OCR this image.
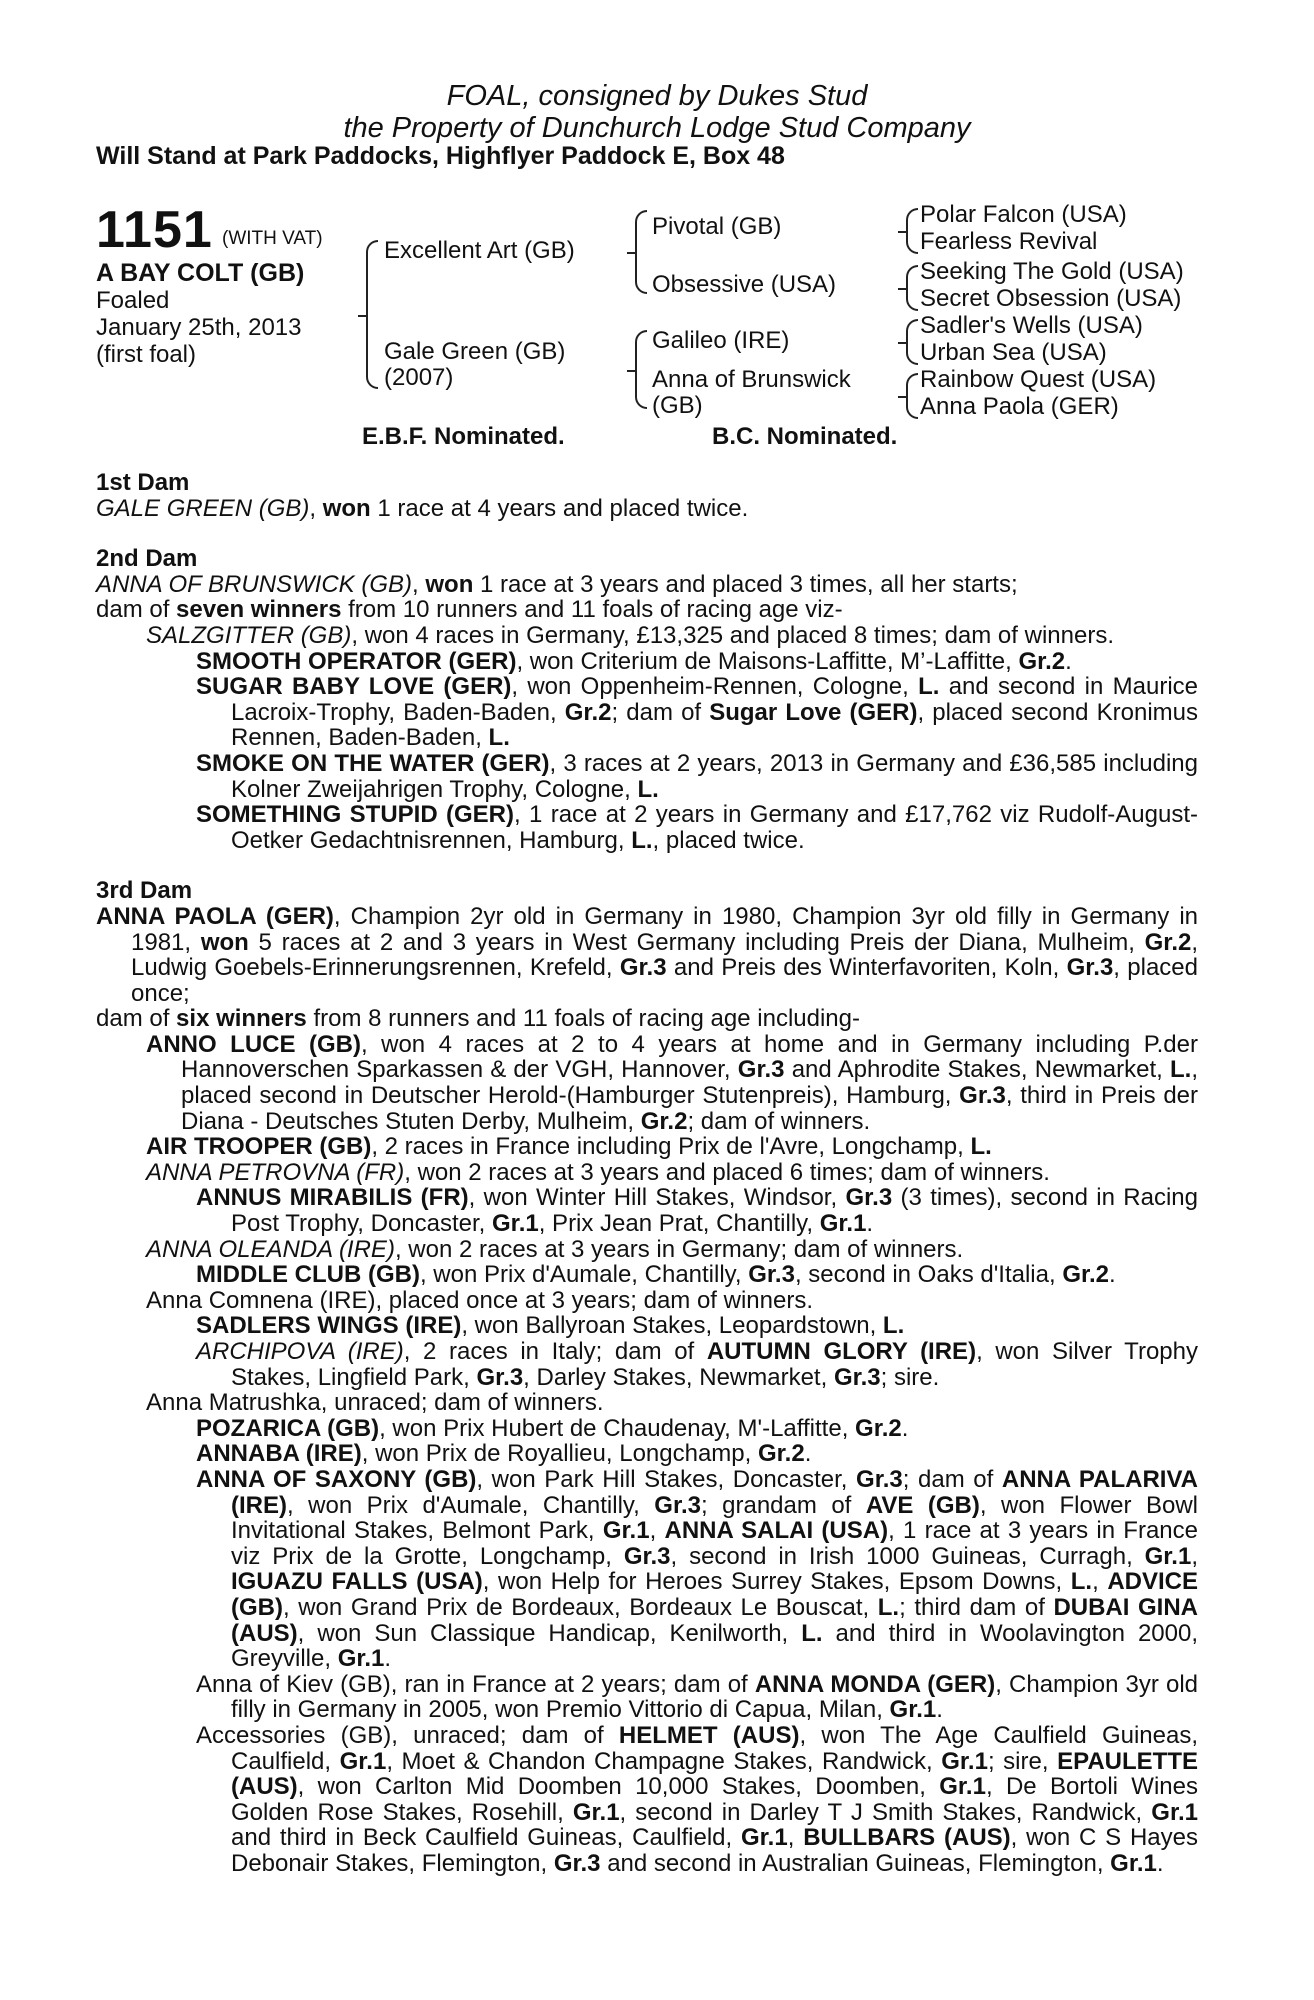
FOAL, consigned by Dukes Stud
the Property of Dunchurch Lodge Stud Company
Will Stand at Park Paddocks, Highflyer Paddock E, Box 48
1151 (WITH VAT)
A BAY COLT (GB)
Foaled
January 25th, 2013
(first foal)
Excellent Art (GB)
Gale Green (GB)
(2007)
Pivotal (GB)
Obsessive (USA)
Galileo (IRE)
Anna of Brunswick
(GB)
Polar Falcon (USA)
Fearless Revival
Seeking The Gold (USA)
Secret Obsession (USA)
Sadler's Wells (USA)
Urban Sea (USA)
Rainbow Quest (USA)
Anna Paola (GER)
E.B.F. Nominated.	B.C. Nominated.

1st Dam

GALE GREEN (GB), won 1 race at 4 years and placed twice.

2nd Dam

ANNA OF BRUNSWICK (GB), won 1 race at 3 years and placed 3 times, all her starts;

dam of seven winners from 10 runners and 11 foals of racing age viz-

SALZGITTER (GB), won 4 races in Germany, £13,325 and placed 8 times; dam of winners.

SMOOTH OPERATOR (GER), won Criterium de Maisons-Laffitte, M’-Laffitte, Gr.2.

SUGAR BABY LOVE (GER), won Oppenheim-Rennen, Cologne, L. and second in Maurice Lacroix-Trophy, Baden-Baden, Gr.2; dam of Sugar Love (GER), placed second Kronimus Rennen, Baden-Baden, L.

SMOKE ON THE WATER (GER), 3 races at 2 years, 2013 in Germany and £36,585 including Kolner Zweijahrigen Trophy, Cologne, L.

SOMETHING STUPID (GER), 1 race at 2 years in Germany and £17,762 viz Rudolf-August-Oetker Gedachtnisrennen, Hamburg, L., placed twice.

3rd Dam

ANNA PAOLA (GER), Champion 2yr old in Germany in 1980, Champion 3yr old filly in Germany in 1981, won 5 races at 2 and 3 years in West Germany including Preis der Diana, Mulheim, Gr.2, Ludwig Goebels-Erinnerungsrennen, Krefeld, Gr.3 and Preis des Winterfavoriten, Koln, Gr.3, placed once;

dam of six winners from 8 runners and 11 foals of racing age including-

ANNO LUCE (GB), won 4 races at 2 to 4 years at home and in Germany including P.der Hannoverschen Sparkassen & der VGH, Hannover, Gr.3 and Aphrodite Stakes, Newmarket, L., placed second in Deutscher Herold-(Hamburger Stutenpreis), Hamburg, Gr.3, third in Preis der Diana - Deutsches Stuten Derby, Mulheim, Gr.2; dam of winners.

AIR TROOPER (GB), 2 races in France including Prix de l'Avre, Longchamp, L.

ANNA PETROVNA (FR), won 2 races at 3 years and placed 6 times; dam of winners.

ANNUS MIRABILIS (FR), won Winter Hill Stakes, Windsor, Gr.3 (3 times), second in Racing Post Trophy, Doncaster, Gr.1, Prix Jean Prat, Chantilly, Gr.1.

ANNA OLEANDA (IRE), won 2 races at 3 years in Germany; dam of winners.

MIDDLE CLUB (GB), won Prix d'Aumale, Chantilly, Gr.3, second in Oaks d'Italia, Gr.2.

Anna Comnena (IRE), placed once at 3 years; dam of winners.

SADLERS WINGS (IRE), won Ballyroan Stakes, Leopardstown, L.

ARCHIPOVA (IRE), 2 races in Italy; dam of AUTUMN GLORY (IRE), won Silver Trophy Stakes, Lingfield Park, Gr.3, Darley Stakes, Newmarket, Gr.3; sire.

Anna Matrushka, unraced; dam of winners.

POZARICA (GB), won Prix Hubert de Chaudenay, M'-Laffitte, Gr.2.

ANNABA (IRE), won Prix de Royallieu, Longchamp, Gr.2.

ANNA OF SAXONY (GB), won Park Hill Stakes, Doncaster, Gr.3; dam of ANNA PALARIVA (IRE), won Prix d'Aumale, Chantilly, Gr.3; grandam of AVE (GB), won Flower Bowl Invitational Stakes, Belmont Park, Gr.1, ANNA SALAI (USA), 1 race at 3 years in France viz Prix de la Grotte, Longchamp, Gr.3, second in Irish 1000 Guineas, Curragh, Gr.1, IGUAZU FALLS (USA), won Help for Heroes Surrey Stakes, Epsom Downs, L., ADVICE (GB), won Grand Prix de Bordeaux, Bordeaux Le Bouscat, L.; third dam of DUBAI GINA (AUS), won Sun Classique Handicap, Kenilworth, L. and third in Woolavington 2000, Greyville, Gr.1.

Anna of Kiev (GB), ran in France at 2 years; dam of ANNA MONDA (GER), Champion 3yr old filly in Germany in 2005, won Premio Vittorio di Capua, Milan, Gr.1.

Accessories (GB), unraced; dam of HELMET (AUS), won The Age Caulfield Guineas, Caulfield, Gr.1, Moet & Chandon Champagne Stakes, Randwick, Gr.1; sire, EPAULETTE (AUS), won Carlton Mid Doomben 10,000 Stakes, Doomben, Gr.1, De Bortoli Wines Golden Rose Stakes, Rosehill, Gr.1, second in Darley T J Smith Stakes, Randwick, Gr.1 and third in Beck Caulfield Guineas, Caulfield, Gr.1, BULLBARS (AUS), won C S Hayes Debonair Stakes, Flemington, Gr.3 and second in Australian Guineas, Flemington, Gr.1.
